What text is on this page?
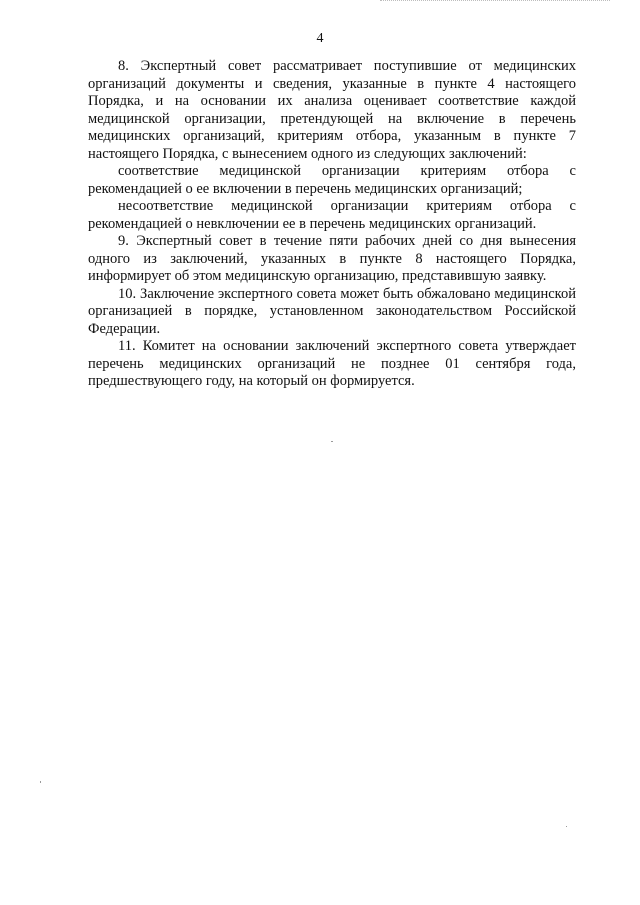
4

8. Экспертный совет рассматривает поступившие от медицинских организаций документы и сведения, указанные в пункте 4 настоящего Порядка, и на основании их анализа оценивает соответствие каждой медицинской организации, претендующей на включение в перечень медицинских организаций, критериям отбора, указанным в пункте 7 настоящего Порядка, с вынесением одного из следующих заключений:

соответствие медицинской организации критериям отбора с рекомендацией о ее включении в перечень медицинских организаций;

несоответствие медицинской организации критериям отбора с рекомендацией о невключении ее в перечень медицинских организаций.

9. Экспертный совет в течение пяти рабочих дней со дня вынесения одного из заключений, указанных в пункте 8 настоящего Порядка, информирует об этом медицинскую организацию, представившую заявку.

10. Заключение экспертного совета может быть обжаловано медицинской организацией в порядке, установленном законодательством Российской Федерации.

11. Комитет на основании заключений экспертного совета утверждает перечень медицинских организаций не позднее 01 сентября года, предшествующего году, на который он формируется.
